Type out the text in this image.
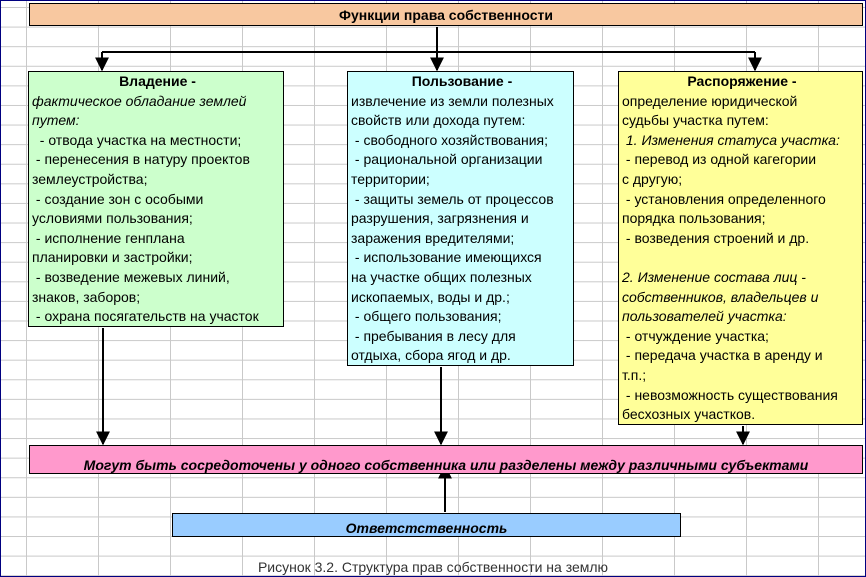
Функции права собственности
Владение -
фактическое обладание землей
путем:
- отвода участка на местности;
- перенесения в натуру проектов
землеустройства;
- создание зон с особыми
условиями пользования;
- исполнение генплана
планировки и застройки;
- возведение межевых линий,
знаков, заборов;
- охрана посягательств на участок
Пользование -
извлечение из земли полезных
свойств или дохода путем:
- свободного хозяйствования;
- рациональной организации
территории;
- защиты земель от процессов
разрушения, загрязнения и
заражения вредителями;
- использование имеющихся
на участке общих полезных
ископаемых, воды и др.;
- общего пользования;
- пребывания в лесу для
отдыха, сбора ягод и др.
Распоряжение -
определение юридической
судьбы участка путем:
1. Изменения статуса участка:
- перевод из одной кагегории
с другую;
- установления определенного
порядка пользования;
- возведения строений и др.
2. Изменение состава лиц -
собственников, владельцев и
пользователей участка:
- отчуждение участка;
- передача участка в аренду и
т.п.;
- невозможность существования
бесхозных участков.
Могут быть сосредоточены у одного собственника или разделены между различными субъектами
Ответстственность
Рисунок 3.2. Структура прав собственности на землю
